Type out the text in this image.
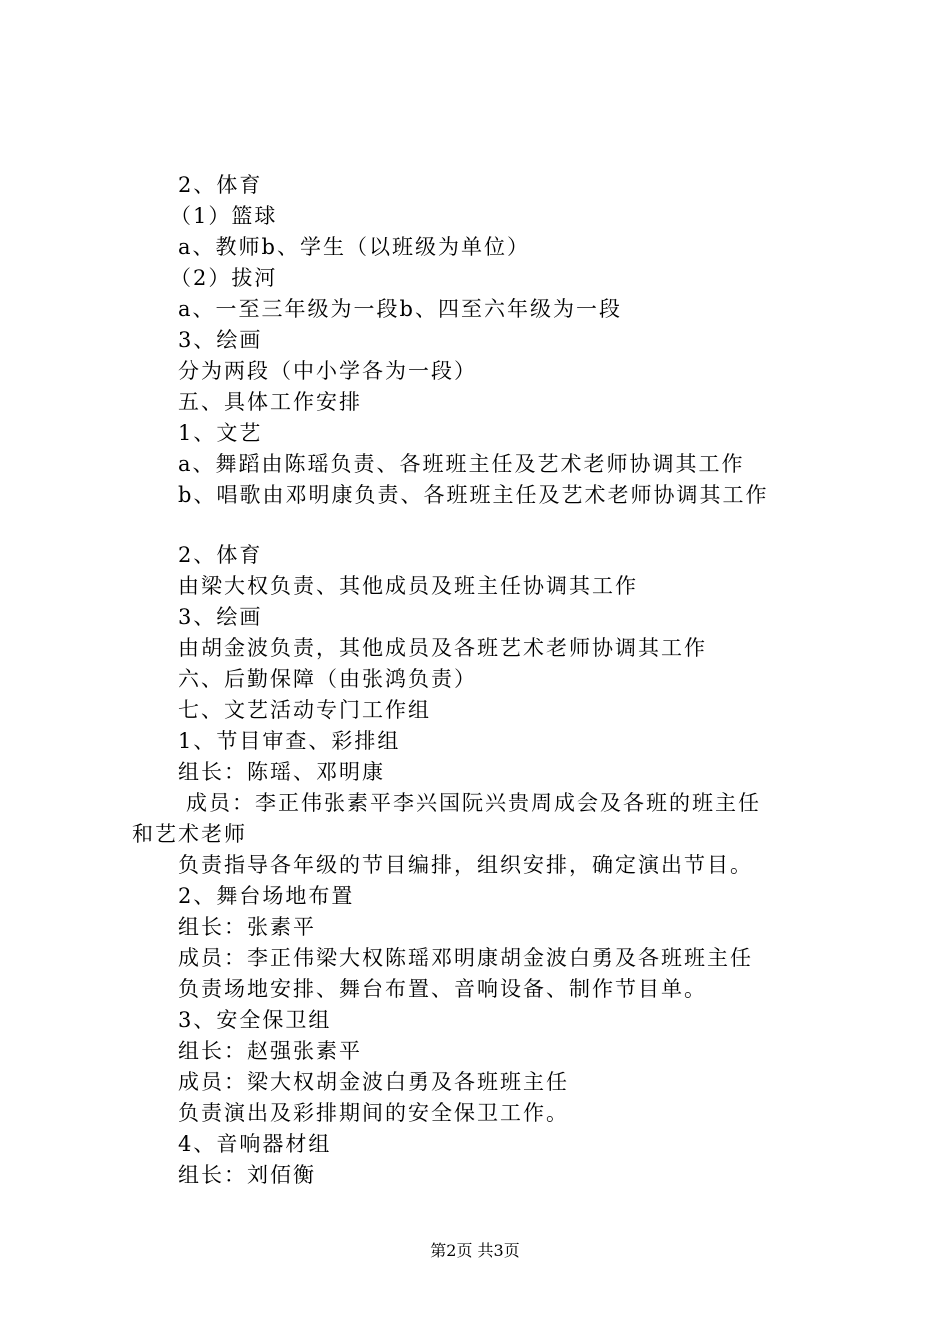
2、体育
（1）篮球
a、教师b、学生（以班级为单位）
（2）拔河
a、一至三年级为一段b、四至六年级为一段
3、绘画
分为两段（中小学各为一段）
五、具体工作安排
1、文艺
a、舞蹈由陈瑶负责、各班班主任及艺术老师协调其工作
b、唱歌由邓明康负责、各班班主任及艺术老师协调其工作
2、体育
由梁大权负责、其他成员及班主任协调其工作
3、绘画
由胡金波负责，其他成员及各班艺术老师协调其工作
六、后勤保障（由张鸿负责）
七、文艺活动专门工作组
1、节目审查、彩排组
组长：陈瑶、邓明康
成员：李正伟张素平李兴国阮兴贵周成会及各班的班主任
和艺术老师
负责指导各年级的节目编排，组织安排，确定演出节目。
2、舞台场地布置
组长：张素平
成员：李正伟梁大权陈瑶邓明康胡金波白勇及各班班主任
负责场地安排、舞台布置、音响设备、制作节目单。
3、安全保卫组
组长：赵强张素平
成员：梁大权胡金波白勇及各班班主任
负责演出及彩排期间的安全保卫工作。
4、音响器材组
组长：刘佰衡
第2页 共3页
